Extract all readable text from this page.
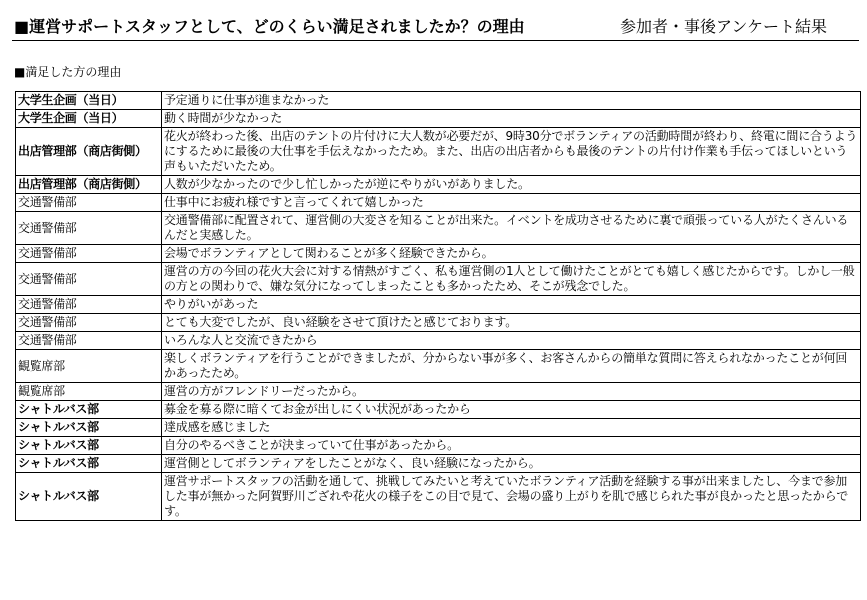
■運営サポートスタッフとして、どのくらい満足されましたか？の理由	参加者・事後アンケート結果
■満足した方の理由
大学生企画（当日）	予定通りに仕事が進まなかった
大学生企画（当日）	動く時間が少なかった
出店管理部（商店街側）	花火が終わった後、出店のテントの片付けに大人数が必要だが、9時30分でボランティアの活動時間が終わり、終電に間に合うようにするために最後の大仕事を手伝えなかったため。また、出店の出店者からも最後のテントの片付け作業も手伝ってほしいという声もいただいたため。
出店管理部（商店街側）	人数が少なかったので少し忙しかったが逆にやりがいがありました。
交通警備部	仕事中にお疲れ様ですと言ってくれて嬉しかった
交通警備部	交通警備部に配置されて、運営側の大変さを知ることが出来た。イベントを成功させるために裏で頑張っている人がたくさんいるんだと実感した。
交通警備部	会場でボランティアとして関わることが多く経験できたから。
交通警備部	運営の方の今回の花火大会に対する情熱がすごく、私も運営側の1人として働けたことがとても嬉しく感じたからです。しかし一般の方との関わりで、嫌な気分になってしまったことも多かったため、そこが残念でした。
交通警備部	やりがいがあった
交通警備部	とても大変でしたが、良い経験をさせて頂けたと感じております。
交通警備部	いろんな人と交流できたから
観覧席部	楽しくボランティアを行うことができましたが、分からない事が多く、お客さんからの簡単な質問に答えられなかったことが何回かあったため。
観覧席部	運営の方がフレンドリーだったから。
シャトルバス部	募金を募る際に暗くてお金が出しにくい状況があったから
シャトルバス部	達成感を感じました
シャトルバス部	自分のやるべきことが決まっていて仕事があったから。
シャトルバス部	運営側としてボランティアをしたことがなく、良い経験になったから。
シャトルバス部	運営サポートスタッフの活動を通して、挑戦してみたいと考えていたボランティア活動を経験する事が出来ましたし、今まで参加した事が無かった阿賀野川ござれや花火の様子をこの目で見て、会場の盛り上がりを肌で感じられた事が良かったと思ったからです。
